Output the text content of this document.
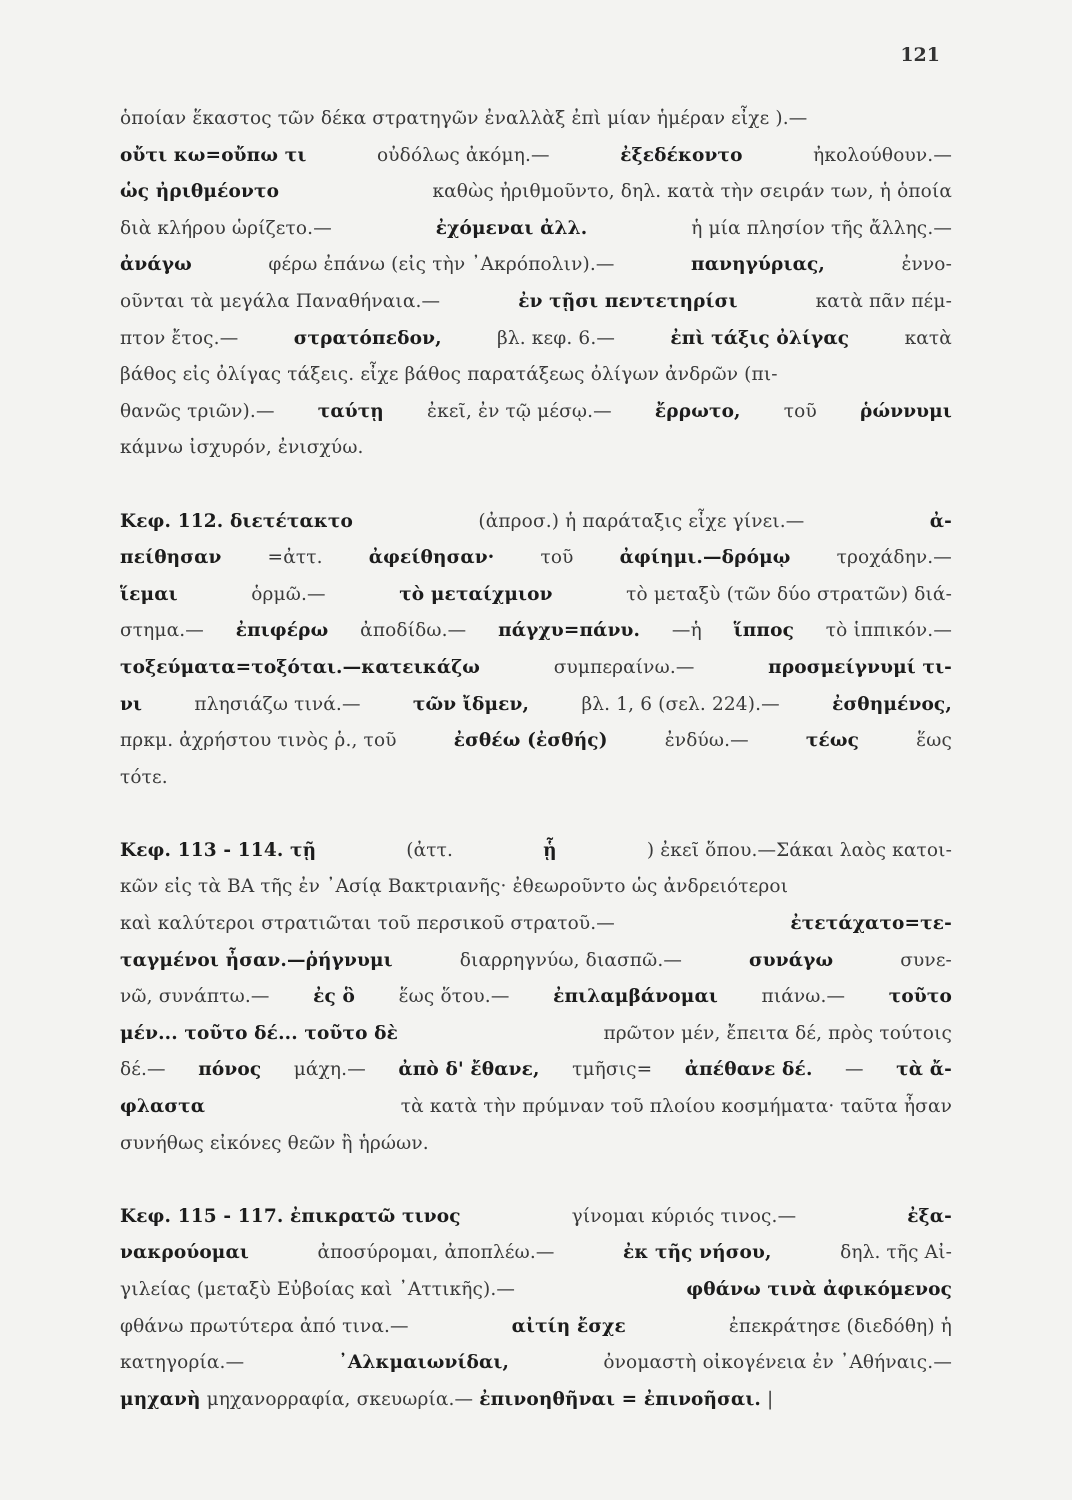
121
ὁποίαν ἕκαστος τῶν δέκα στρατηγῶν ἐναλλὰξ ἐπὶ μίαν ἡμέραν εἶχε ).—
οὔτι κω=οὔπω τι	οὐδόλως ἀκόμη.—	ἐξεδέκοντο	ἠκολούθουν.—
ὡς ἠριθμέοντο	καθὼς ἠριθμοῦντο, δηλ. κατὰ τὴν σειράν των, ἡ ὁποία
διὰ κλήρου ὡρίζετο.—	ἐχόμεναι ἀλλ.	ἡ μία πλησίον τῆς ἄλλης.—
ἀνάγω	φέρω ἐπάνω (εἰς τὴν ᾿Ακρόπολιν).—	πανηγύριας,	ἐννο-
οῦνται τὰ μεγάλα Παναθήναια.—	ἐν τῇσι πεντετηρίσι	κατὰ πᾶν πέμ-
πτον ἔτος.—	στρατόπεδον,	βλ. κεφ. 6.—	ἐπὶ τάξις ὀλίγας	κατὰ
βάθος εἰς ὀλίγας τάξεις. εἶχε βάθος παρατάξεως ὀλίγων ἀνδρῶν (πι-
θανῶς τριῶν).— ταύτῃ ἐκεῖ, ἐν τῷ μέσῳ.— ἔρρωτο, τοῦ ῥώννυμι
κάμνω ἰσχυρόν, ἐνισχύω.
Κεφ. 112. διετέτακτο	(ἀπροσ.) ἡ παράταξις εἶχε γίνει.—	ἀ-
πείθησαν =ἀττ. ἀφείθησαν· τοῦ ἀφίημι.—δρόμῳ τροχάδην.—
ἵεμαι	ὁρμῶ.—	τὸ μεταίχμιον	τὸ μεταξὺ (τῶν δύο στρατῶν) διά-
στημα.— ἐπιφέρω ἀποδίδω.— πάγχυ=πάνυ. —ἡ ἵππος τὸ ἱππικόν.—
τοξεύματα=τοξόται.—κατεικάζω	συμπεραίνω.—	προσμείγνυμί τι-
νι	πλησιάζω τινά.—	τῶν ἴδμεν,	βλ. 1, 6 (σελ. 224).—	ἐσθημένος,
πρκμ. ἀχρήστου τινὸς ῥ., τοῦ	ἐσθέω (ἐσθής)	ἐνδύω.—	τέως	ἕως
τότε.
Κεφ. 113 - 114. τῇ	(ἀττ.	ᾗ	) ἐκεῖ ὅπου.—Σάκαι λαὸς κατοι-
κῶν εἰς τὰ ΒΑ τῆς ἐν ᾿Ασίᾳ Βακτριανῆς· ἐθεωροῦντο ὡς ἀνδρειότεροι
καὶ καλύτεροι στρατιῶται τοῦ περσικοῦ στρατοῦ.—	ἐτετάχατο=τε-
ταγμένοι ἦσαν.—ῥήγνυμι	διαρρηγνύω, διασπῶ.—	συνάγω	συνε-
νῶ, συνάπτω.— ἐς ὃ ἕως ὅτου.— ἐπιλαμβάνομαι πιάνω.— τοῦτο
μέν... τοῦτο δέ... τοῦτο δὲ	πρῶτον μέν, ἔπειτα δέ, πρὸς τούτοις
δέ.— πόνος μάχη.— ἀπὸ δ' ἔθανε, τμῆσις= ἀπέθανε δέ. — τὰ ἄ-
φλαστα	τὰ κατὰ τὴν πρύμναν τοῦ πλοίου κοσμήματα· ταῦτα ἦσαν
συνήθως εἰκόνες θεῶν ἢ ἡρώων.
Κεφ. 115 - 117. ἐπικρατῶ τινος	γίνομαι κύριός τινος.—	ἐξα-
νακρούομαι	ἀποσύρομαι, ἀποπλέω.—	ἐκ τῆς νήσου,	δηλ. τῆς Αἰ-
γιλείας (μεταξὺ Εὐβοίας καὶ ᾿Αττικῆς).—	φθάνω τινὰ ἀφικόμενος
φθάνω πρωτύτερα ἀπό τινα.—	αἰτίη ἔσχε	ἐπεκράτησε (διεδόθη) ἡ
κατηγορία.—	᾿Αλκμαιωνίδαι,	ὀνομαστὴ οἰκογένεια ἐν ᾿Αθήναις.—
μηχανὴ μηχανορραφία, σκευωρία.— ἐπινοηθῆναι = ἐπινοῆσαι. |
